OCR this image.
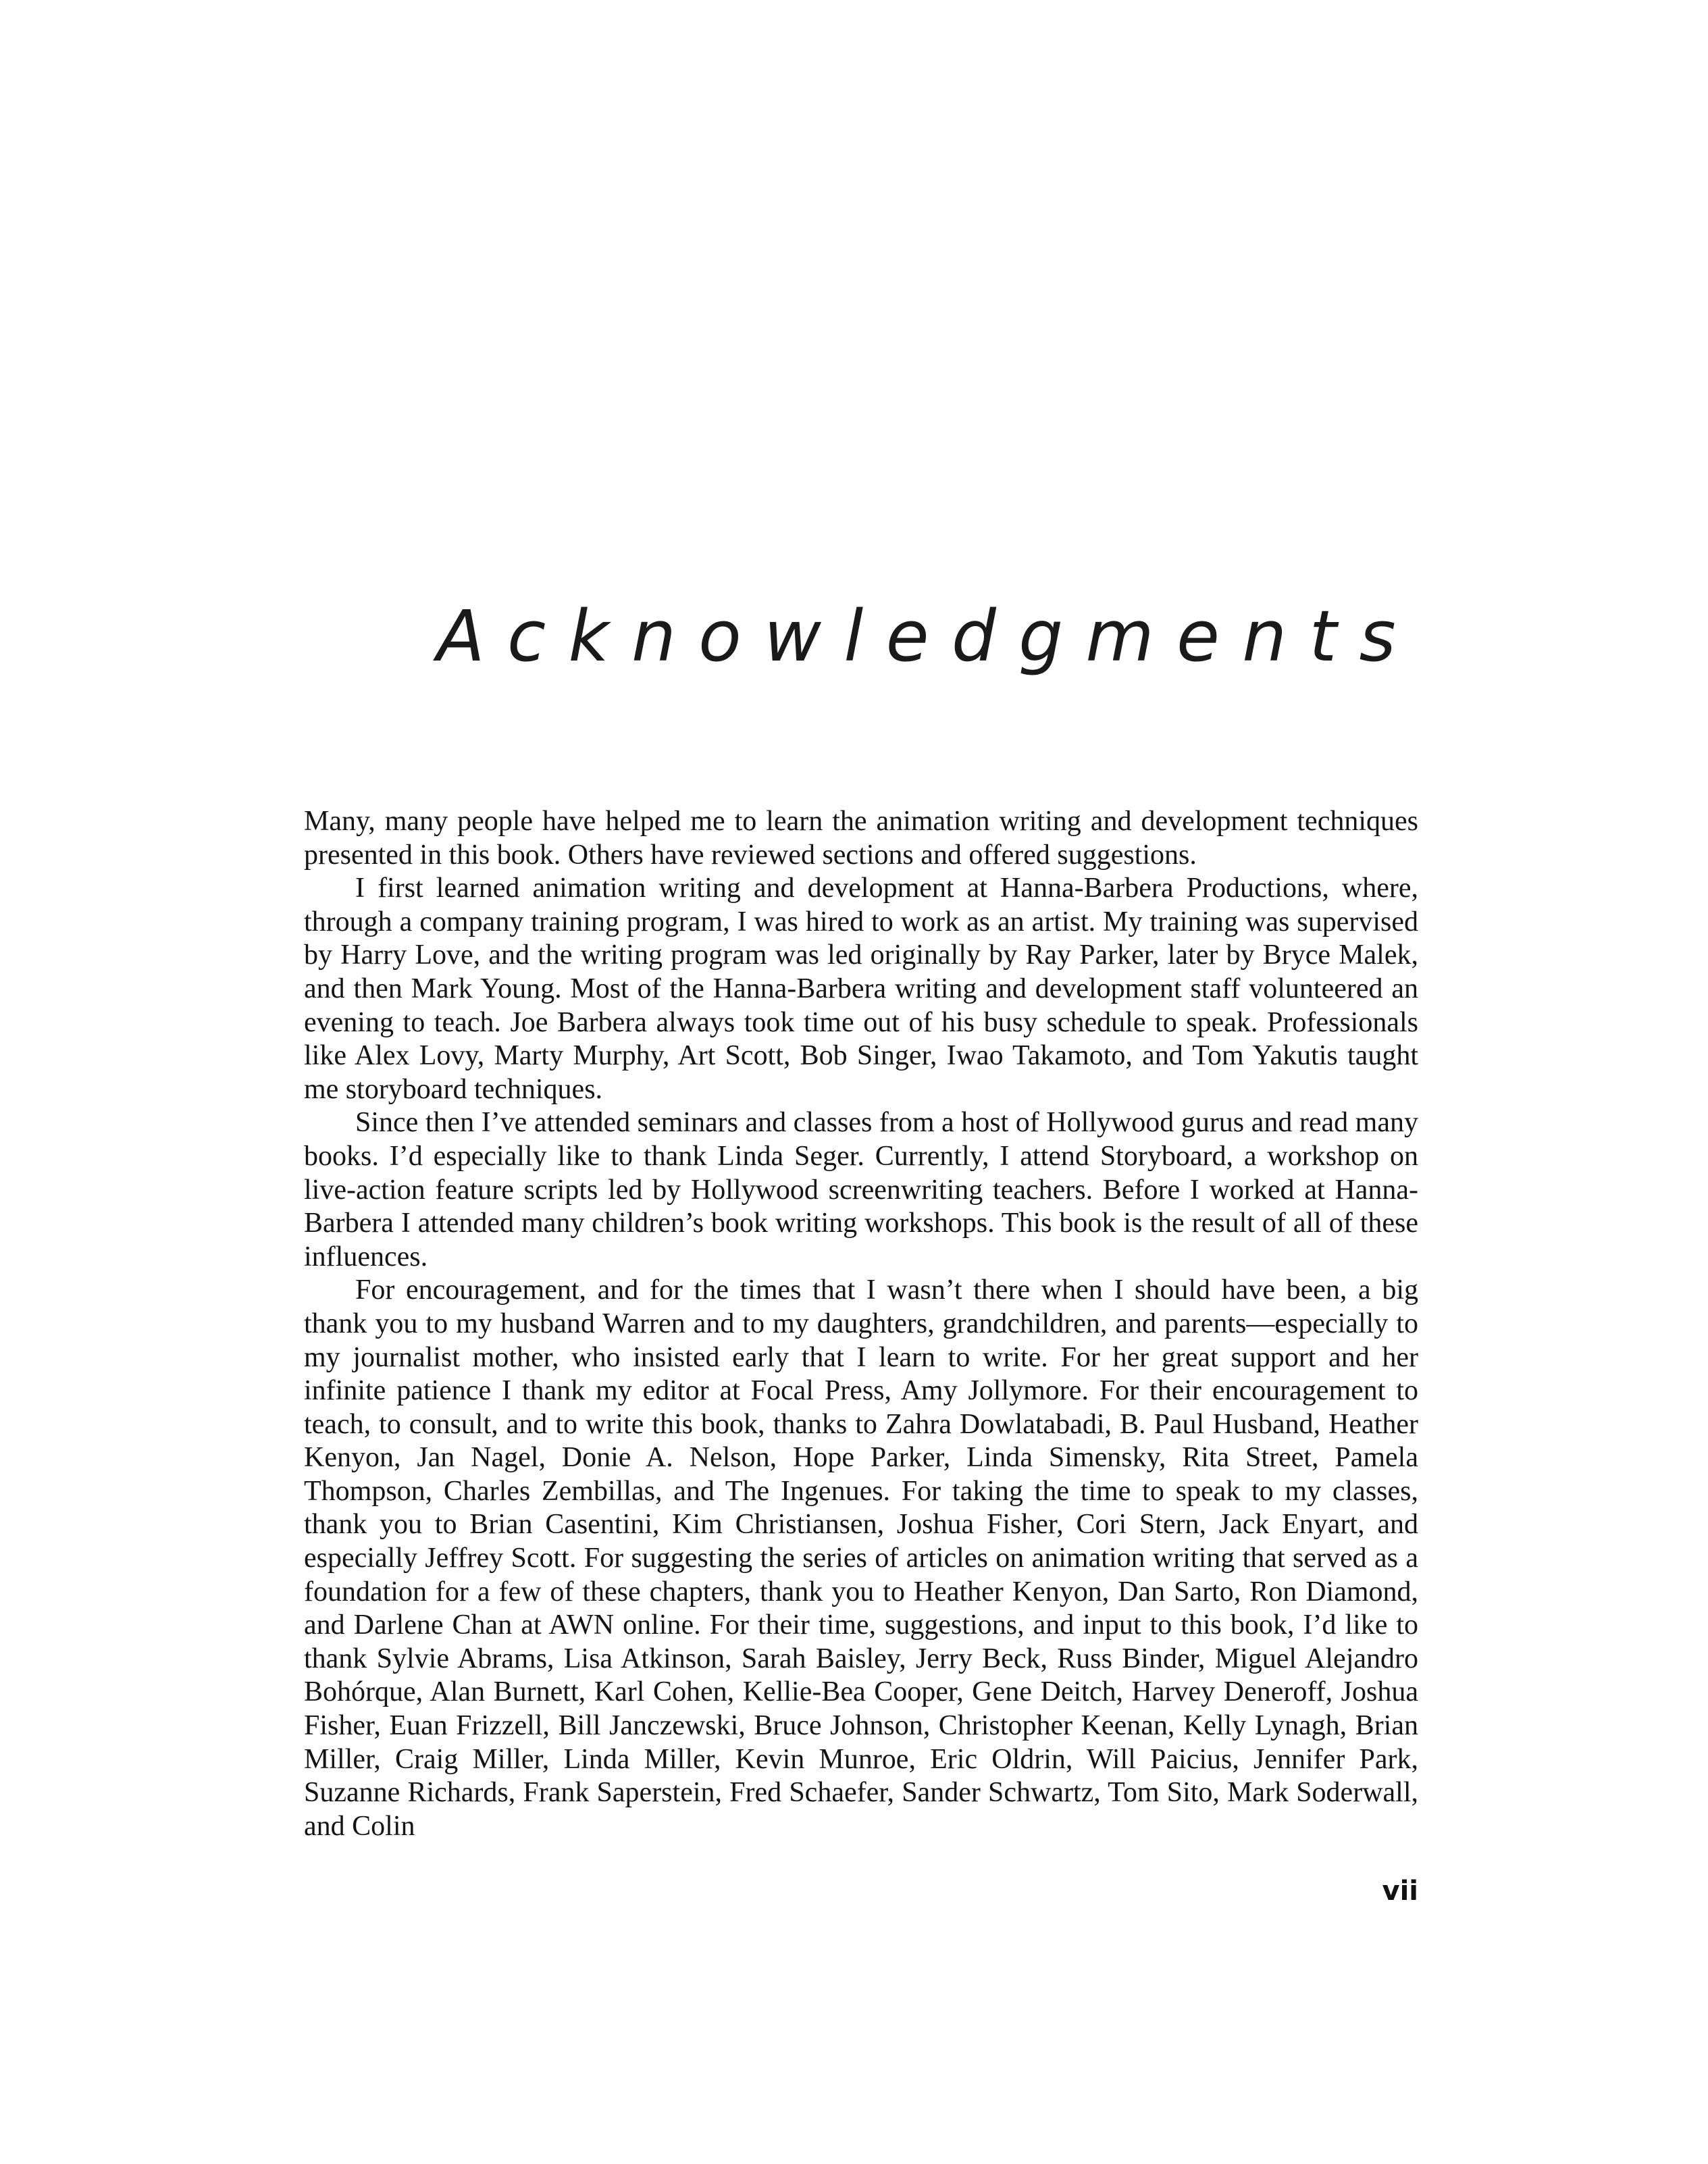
Acknowledgments

Many, many people have helped me to learn the animation writing and development techniques presented in this book. Others have reviewed sections and offered suggestions.

I first learned animation writing and development at Hanna-Barbera Productions, where, through a company training program, I was hired to work as an artist. My training was supervised by Harry Love, and the writing program was led originally by Ray Parker, later by Bryce Malek, and then Mark Young. Most of the Hanna-Barbera writing and development staff volunteered an evening to teach. Joe Barbera always took time out of his busy schedule to speak. Professionals like Alex Lovy, Marty Murphy, Art Scott, Bob Singer, Iwao Takamoto, and Tom Yakutis taught me storyboard techniques.

Since then I’ve attended seminars and classes from a host of Hollywood gurus and read many books. I’d especially like to thank Linda Seger. Currently, I attend Storyboard, a workshop on live-action feature scripts led by Hollywood screenwriting teachers. Before I worked at Hanna-Barbera I attended many children’s book writing workshops. This book is the result of all of these influences.

For encouragement, and for the times that I wasn’t there when I should have been, a big thank you to my husband Warren and to my daughters, grandchildren, and parents—especially to my journalist mother, who insisted early that I learn to write. For her great support and her infinite patience I thank my editor at Focal Press, Amy Jollymore. For their encouragement to teach, to consult, and to write this book, thanks to Zahra Dowlatabadi, B. Paul Husband, Heather Kenyon, Jan Nagel, Donie A. Nelson, Hope Parker, Linda Simensky, Rita Street, Pamela Thompson, Charles Zembillas, and The Ingenues. For taking the time to speak to my classes, thank you to Brian Casentini, Kim Christiansen, Joshua Fisher, Cori Stern, Jack Enyart, and especially Jeffrey Scott. For suggesting the series of articles on animation writing that served as a foundation for a few of these chapters, thank you to Heather Kenyon, Dan Sarto, Ron Diamond, and Darlene Chan at AWN online. For their time, suggestions, and input to this book, I’d like to thank Sylvie Abrams, Lisa Atkinson, Sarah Baisley, Jerry Beck, Russ Binder, Miguel Alejandro Bohórque, Alan Burnett, Karl Cohen, Kellie-Bea Cooper, Gene Deitch, Harvey Deneroff, Joshua Fisher, Euan Frizzell, Bill Janczewski, Bruce Johnson, Christopher Keenan, Kelly Lynagh, Brian Miller, Craig Miller, Linda Miller, Kevin Munroe, Eric Oldrin, Will Paicius, Jennifer Park, Suzanne Richards, Frank Saperstein, Fred Schaefer, Sander Schwartz, Tom Sito, Mark Soderwall, and Colin

vii
